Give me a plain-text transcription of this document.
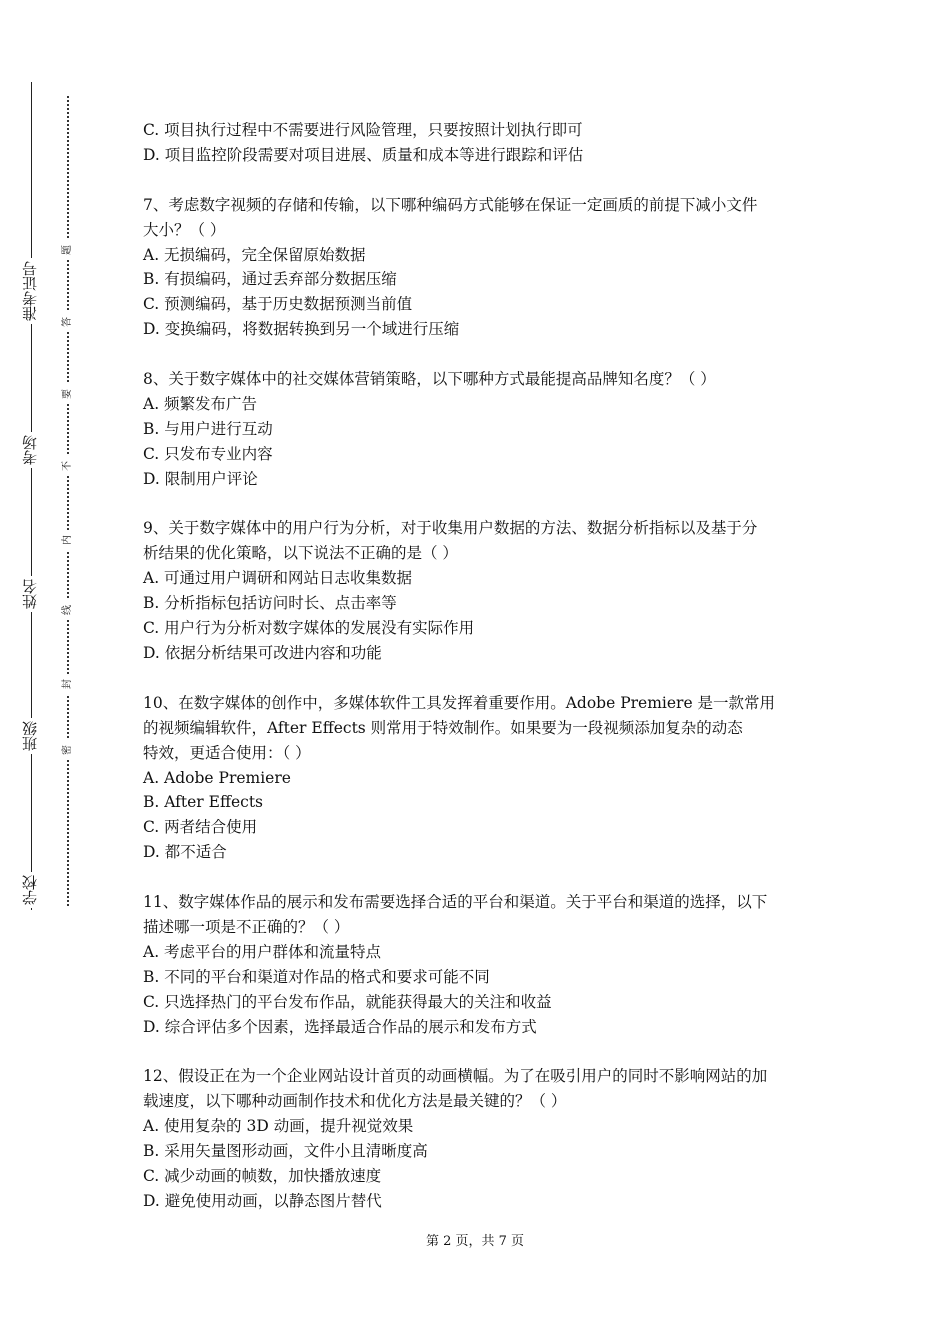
准考证号
考场
姓名
班级
学校
题
答
要
不
内
线
封
密
C. 项目执行过程中不需要进行风险管理，只要按照计划执行即可
D. 项目监控阶段需要对项目进展、质量和成本等进行跟踪和评估
7、考虑数字视频的存储和传输，以下哪种编码方式能够在保证一定画质的前提下减小文件
大小？（ ）
A. 无损编码，完全保留原始数据
B. 有损编码，通过丢弃部分数据压缩
C. 预测编码，基于历史数据预测当前值
D. 变换编码，将数据转换到另一个域进行压缩
8、关于数字媒体中的社交媒体营销策略，以下哪种方式最能提高品牌知名度？（ ）
A. 频繁发布广告
B. 与用户进行互动
C. 只发布专业内容
D. 限制用户评论
9、关于数字媒体中的用户行为分析，对于收集用户数据的方法、数据分析指标以及基于分
析结果的优化策略，以下说法不正确的是（ ）
A. 可通过用户调研和网站日志收集数据
B. 分析指标包括访问时长、点击率等
C. 用户行为分析对数字媒体的发展没有实际作用
D. 依据分析结果可改进内容和功能
10、在数字媒体的创作中，多媒体软件工具发挥着重要作用。Adobe Premiere 是一款常用
的视频编辑软件，After Effects 则常用于特效制作。如果要为一段视频添加复杂的动态
特效，更适合使用：（ ）
A. Adobe Premiere
B. After Effects
C. 两者结合使用
D. 都不适合
11、数字媒体作品的展示和发布需要选择合适的平台和渠道。关于平台和渠道的选择，以下
描述哪一项是不正确的？（ ）
A. 考虑平台的用户群体和流量特点
B. 不同的平台和渠道对作品的格式和要求可能不同
C. 只选择热门的平台发布作品，就能获得最大的关注和收益
D. 综合评估多个因素，选择最适合作品的展示和发布方式
12、假设正在为一个企业网站设计首页的动画横幅。为了在吸引用户的同时不影响网站的加
载速度，以下哪种动画制作技术和优化方法是最关键的？（ ）
A. 使用复杂的 3D 动画，提升视觉效果
B. 采用矢量图形动画，文件小且清晰度高
C. 减少动画的帧数，加快播放速度
D. 避免使用动画，以静态图片替代
第 2 页，共 7 页
